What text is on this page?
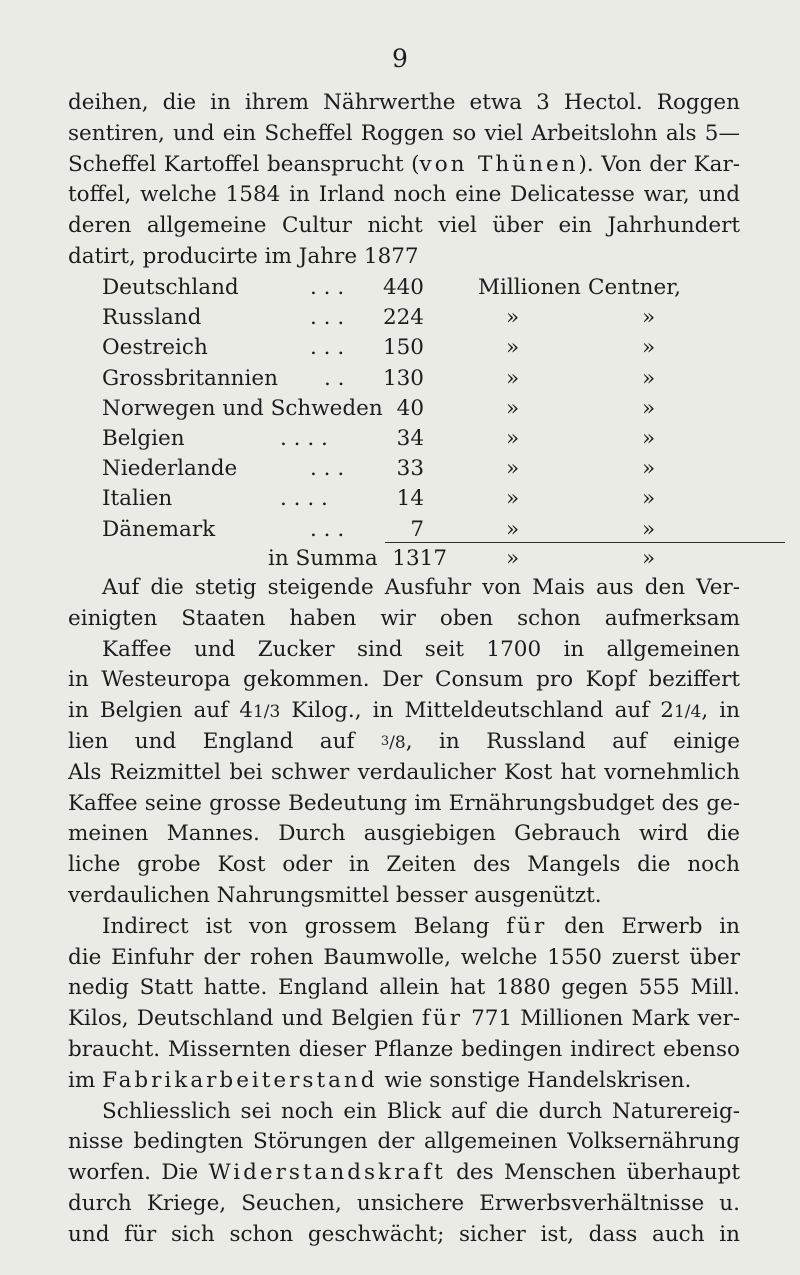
9
deihen, die in ihrem Nährwerthe etwa 3 Hectol. Roggen
sentiren, und ein Scheffel Roggen so viel Arbeitslohn als 5—
Scheffel Kartoffel beansprucht (von Thünen). Von der Kar-
toffel, welche 1584 in Irland noch eine Delicatesse war, und
deren allgemeine Cultur nicht viel über ein Jahrhundert
datirt, producirte im Jahre 1877
Deutschland	. . .	440	Millionen Centner,
Russland	. . .	224	»	»
Oestreich	. . .	150	»	»
Grossbritannien . .	130	»	»
Norwegen und Schweden 40	»	»
Belgien	. . . .	34	»	»
Niederlande	. . .	33	»	»
Italien	. . . .	14	»	»
Dänemark	. . .	7	»	»
in Summa 1317	»	»
Auf die stetig steigende Ausfuhr von Mais aus den Ver-
einigten Staaten haben wir oben schon aufmerksam
Kaffee und Zucker sind seit 1700 in allgemeinen
in Westeuropa gekommen. Der Consum pro Kopf beziffert
in Belgien auf 41/3 Kilog., in Mitteldeutschland auf 21/4, in
lien und England auf $^3$/8, in Russland auf einige
Als Reizmittel bei schwer verdaulicher Kost hat vornehmlich
Kaffee seine grosse Bedeutung im Ernährungsbudget des ge-
meinen Mannes. Durch ausgiebigen Gebrauch wird die
liche grobe Kost oder in Zeiten des Mangels die noch
verdaulichen Nahrungsmittel besser ausgenützt.
Indirect ist von grossem Belang für den Erwerb in
die Einfuhr der rohen Baumwolle, welche 1550 zuerst über
nedig Statt hatte. England allein hat 1880 gegen 555 Mill.
Kilos, Deutschland und Belgien für 771 Millionen Mark ver-
braucht. Missernten dieser Pflanze bedingen indirect ebenso
im Fabrikarbeiterstand wie sonstige Handelskrisen.
Schliesslich sei noch ein Blick auf die durch Naturereig-
nisse bedingten Störungen der allgemeinen Volksernährung
worfen. Die Widerstandskraft des Menschen überhaupt
durch Kriege, Seuchen, unsichere Erwerbsverhältnisse u.
und für sich schon geschwächt; sicher ist, dass auch in
